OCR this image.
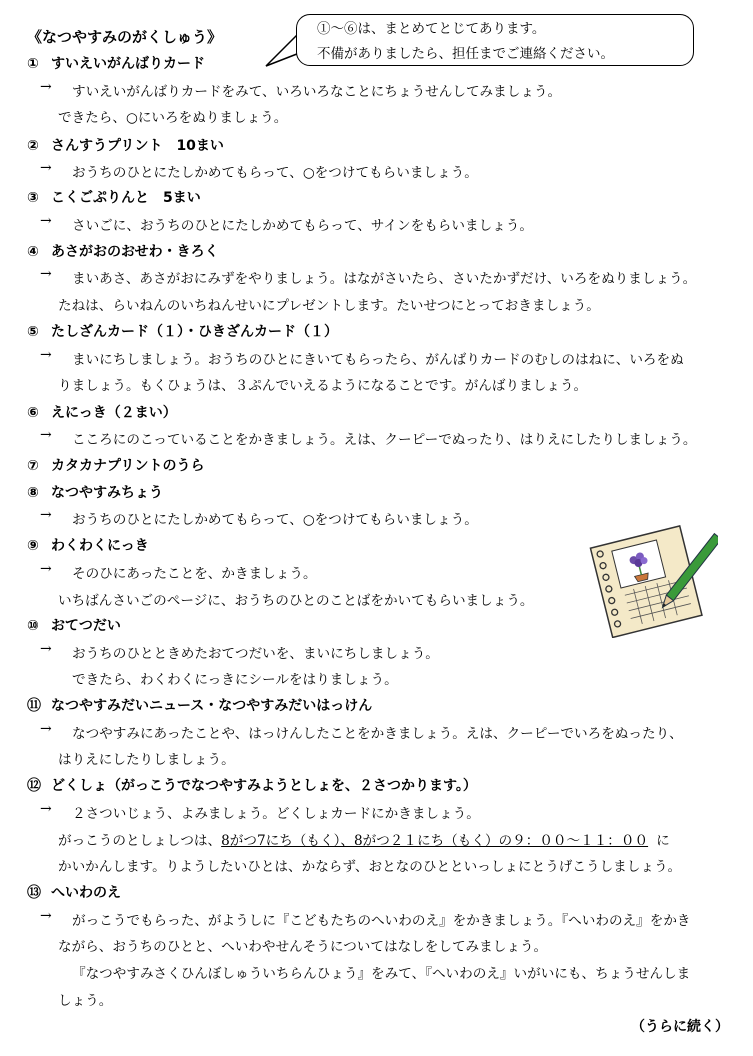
《なつやすみのがくしゅう》	①～⑥は、まとめてとじてあります。
不備がありましたら、担任までご連絡ください。
① すいえいがんばりカード
→ すいえいがんばりカードをみて、いろいろなことにちょうせんしてみましょう。
できたら、○にいろをぬりましょう。
② さんすうプリント　10まい
→ おうちのひとにたしかめてもらって、○をつけてもらいましょう。
③ こくごぷりんと　5まい
→ さいごに、おうちのひとにたしかめてもらって、サインをもらいましょう。
④ あさがおのおせわ・きろく
→ まいあさ、あさがおにみずをやりましょう。はながさいたら、さいたかずだけ、いろをぬりましょう。
たねは、らいねんのいちねんせいにプレゼントします。たいせつにとっておきましょう。
⑤ たしざんカード（１）・ひきざんカード（１）
→ まいにちしましょう。おうちのひとにきいてもらったら、がんばりカードのむしのはねに、いろをぬ
りましょう。もくひょうは、３ぷんでいえるようになることです。がんばりましょう。
⑥ えにっき（２まい）
→ こころにのこっていることをかきましょう。えは、クーピーでぬったり、はりえにしたりしましょう。
⑦ カタカナプリントのうら
⑧ なつやすみちょう
→ おうちのひとにたしかめてもらって、○をつけてもらいましょう。
⑨ わくわくにっき
→ そのひにあったことを、かきましょう。
いちばんさいごのページに、おうちのひとのことばをかいてもらいましょう。
⑩ おてつだい
→ おうちのひとときめたおてつだいを、まいにちしましょう。
できたら、わくわくにっきにシールをはりましょう。
⑪ なつやすみだいニュース・なつやすみだいはっけん
→ なつやすみにあったことや、はっけんしたことをかきましょう。えは、クーピーでいろをぬったり、
はりえにしたりしましょう。
⑫ どくしょ（がっこうでなつやすみようとしょを、２さつかります。）
→ ２さついじょう、よみましょう。どくしょカードにかきましょう。
がっこうのとしょしつは、8がつ7にち（もく）、8がつ２１にち（もく）の９：００～１１：００ に
かいかんします。りようしたいひとは、かならず、おとなのひとといっしょにとうげこうしましょう。
⑬ へいわのえ
→ がっこうでもらった、がようしに『こどもたちのへいわのえ』をかきましょう。『へいわのえ』をかき
ながら、おうちのひとと、へいわやせんそうについてはなしをしてみましょう。
『なつやすみさくひんぼしゅういちらんひょう』をみて、『へいわのえ』いがいにも、ちょうせんしま
しょう。
（うらに続く）
